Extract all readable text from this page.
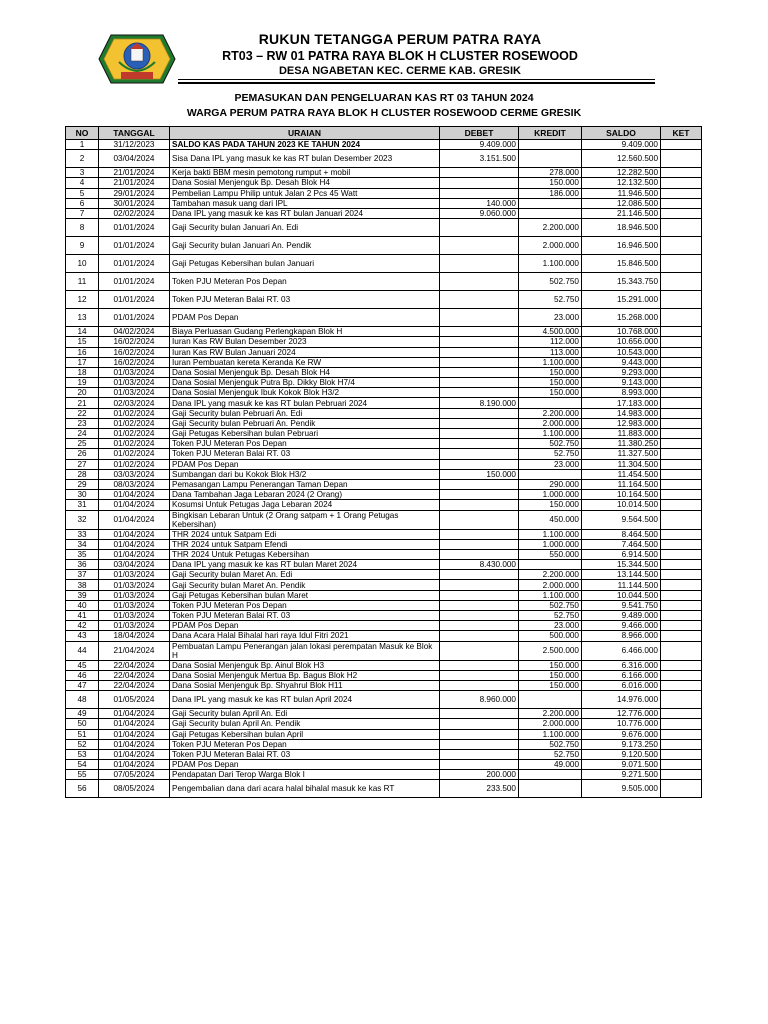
RUKUN TETANGGA PERUM PATRA RAYA
RT03 – RW 01 PATRA RAYA BLOK H CLUSTER ROSEWOOD
DESA NGABETAN KEC. CERME KAB. GRESIK
PEMASUKAN DAN PENGELUARAN KAS RT 03 TAHUN 2024
WARGA PERUM PATRA RAYA BLOK H CLUSTER ROSEWOOD CERME GRESIK
NO	TANGGAL	URAIAN	DEBET	KREDIT	SALDO	KET
1	31/12/2023	SALDO KAS PADA TAHUN 2023 KE TAHUN 2024	9.409.000		9.409.000	
2	03/04/2024	Sisa Dana IPL yang masuk ke kas RT bulan Desember 2023	3.151.500		12.560.500	
3	21/01/2024	Kerja bakti BBM mesin pemotong rumput + mobil		278.000	12.282.500	
4	21/01/2024	Dana Sosial Menjenguk Bp. Desah Blok H4		150.000	12.132.500	
5	29/01/2024	Pembelian Lampu Philip untuk Jalan 2 Pcs 45 Watt		186.000	11.946.500	
6	30/01/2024	Tambahan masuk uang dari IPL	140.000		12.086.500	
7	02/02/2024	Dana IPL yang masuk ke kas RT bulan Januari 2024	9.060.000		21.146.500	
8	01/01/2024	Gaji Security bulan Januari An. Edi		2.200.000	18.946.500	
9	01/01/2024	Gaji Security bulan Januari An. Pendik		2.000.000	16.946.500	
10	01/01/2024	Gaji Petugas Kebersihan bulan Januari		1.100.000	15.846.500	
11	01/01/2024	Token PJU Meteran Pos Depan		502.750	15.343.750	
12	01/01/2024	Token PJU Meteran Balai RT. 03		52.750	15.291.000	
13	01/01/2024	PDAM Pos Depan		23.000	15.268.000	
14	04/02/2024	Biaya Perluasan Gudang Perlengkapan Blok H		4.500.000	10.768.000	
15	16/02/2024	Iuran Kas RW Bulan Desember 2023		112.000	10.656.000	
16	16/02/2024	Iuran Kas RW Bulan Januari 2024		113.000	10.543.000	
17	16/02/2024	Iuran Pembuatan kereta Keranda Ke RW		1.100.000	9.443.000	
18	01/03/2024	Dana Sosial Menjenguk Bp. Desah Blok H4		150.000	9.293.000	
19	01/03/2024	Dana Sosial Menjenguk Putra Bp. Dikky Blok H7/4		150.000	9.143.000	
20	01/03/2024	Dana Sosial Menjenguk Ibuk Kokok Blok H3/2		150.000	8.993.000	
21	02/03/2024	Dana IPL yang masuk ke kas RT bulan Pebruari 2024	8.190.000		17.183.000	
22	01/02/2024	Gaji Security bulan Pebruari An. Edi		2.200.000	14.983.000	
23	01/02/2024	Gaji Security bulan Pebruari An. Pendik		2.000.000	12.983.000	
24	01/02/2024	Gaji Petugas Kebersihan bulan Pebruari		1.100.000	11.883.000	
25	01/02/2024	Token PJU Meteran Pos Depan		502.750	11.380.250	
26	01/02/2024	Token PJU Meteran Balai RT. 03		52.750	11.327.500	
27	01/02/2024	PDAM Pos Depan		23.000	11.304.500	
28	03/03/2024	Sumbangan dari bu Kokok Blok H3/2	150.000		11.454.500	
29	08/03/2024	Pemasangan Lampu Penerangan Taman Depan		290.000	11.164.500	
30	01/04/2024	Dana Tambahan Jaga Lebaran 2024 (2 Orang)		1.000.000	10.164.500	
31	01/04/2024	Kosumsi Untuk Petugas Jaga Lebaran 2024		150.000	10.014.500	
32	01/04/2024	Bingkisan Lebaran Untuk (2 Orang satpam + 1 Orang Petugas Kebersihan)		450.000	9.564.500	
33	01/04/2024	THR 2024 untuk Satpam Edi		1.100.000	8.464.500	
34	01/04/2024	THR 2024 untuk Satpam Efendi		1.000.000	7.464.500	
35	01/04/2024	THR 2024 Untuk Petugas Kebersihan		550.000	6.914.500	
36	03/04/2024	Dana IPL yang masuk ke kas RT bulan Maret 2024	8.430.000		15.344.500	
37	01/03/2024	Gaji Security bulan Maret An. Edi		2.200.000	13.144.500	
38	01/03/2024	Gaji Security bulan Maret An. Pendik		2.000.000	11.144.500	
39	01/03/2024	Gaji Petugas Kebersihan bulan Maret		1.100.000	10.044.500	
40	01/03/2024	Token PJU Meteran Pos Depan		502.750	9.541.750	
41	01/03/2024	Token PJU Meteran Balai RT. 03		52.750	9.489.000	
42	01/03/2024	PDAM Pos Depan		23.000	9.466.000	
43	18/04/2024	Dana Acara Halal Bihalal hari raya Idul Fitri 2021		500.000	8.966.000	
44	21/04/2024	Pembuatan Lampu Penerangan jalan lokasi perempatan Masuk ke Blok H		2.500.000	6.466.000	
45	22/04/2024	Dana Sosial Menjenguk Bp. Ainul Blok H3		150.000	6.316.000	
46	22/04/2024	Dana Sosial Menjenguk Mertua Bp. Bagus Blok H2		150.000	6.166.000	
47	22/04/2024	Dana Sosial Menjenguk Bp. Shyahrul Blok H11		150.000	6.016.000	
48	01/05/2024	Dana IPL yang masuk ke kas RT bulan April 2024	8.960.000		14.976.000	
49	01/04/2024	Gaji Security bulan April An. Edi		2.200.000	12.776.000	
50	01/04/2024	Gaji Security bulan April An. Pendik		2.000.000	10.776.000	
51	01/04/2024	Gaji Petugas Kebersihan bulan April		1.100.000	9.676.000	
52	01/04/2024	Token PJU Meteran Pos Depan		502.750	9.173.250	
53	01/04/2024	Token PJU Meteran Balai RT. 03		52.750	9.120.500	
54	01/04/2024	PDAM Pos Depan		49.000	9.071.500	
55	07/05/2024	Pendapatan Dari Terop Warga Blok I	200.000		9.271.500	
56	08/05/2024	Pengembalian dana dari acara halal bihalal masuk ke kas RT	233.500		9.505.000	
